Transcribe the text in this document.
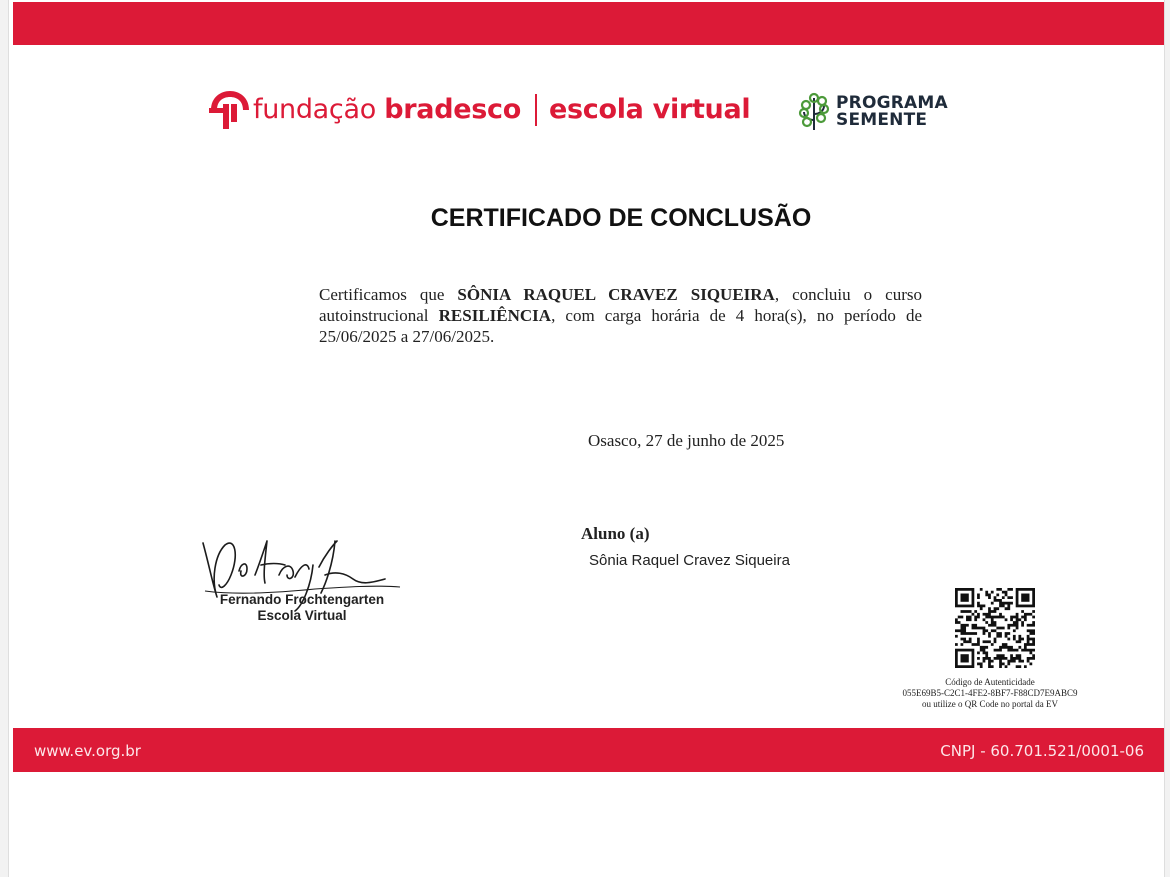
fundação bradesco escola virtual	PROGRAMA
SEMENTE
CERTIFICADO DE CONCLUSÃO

Certificamos que SÔNIA RAQUEL CRAVEZ SIQUEIRA, concluiu o curso autoinstrucional RESILIÊNCIA, com carga horária de 4 hora(s), no período de 25/06/2025 a 27/06/2025.

Osasco, 27 de junho de 2025
Aluno (a)
Sônia Raquel Cravez Siqueira
Fernando Frochtengarten
Escola Virtual
Código de Autenticidade
055E69B5-C2C1-4FE2-8BF7-F88CD7E9ABC9
ou utilize o QR Code no portal da EV
www.ev.org.br	CNPJ - 60.701.521/0001-06
